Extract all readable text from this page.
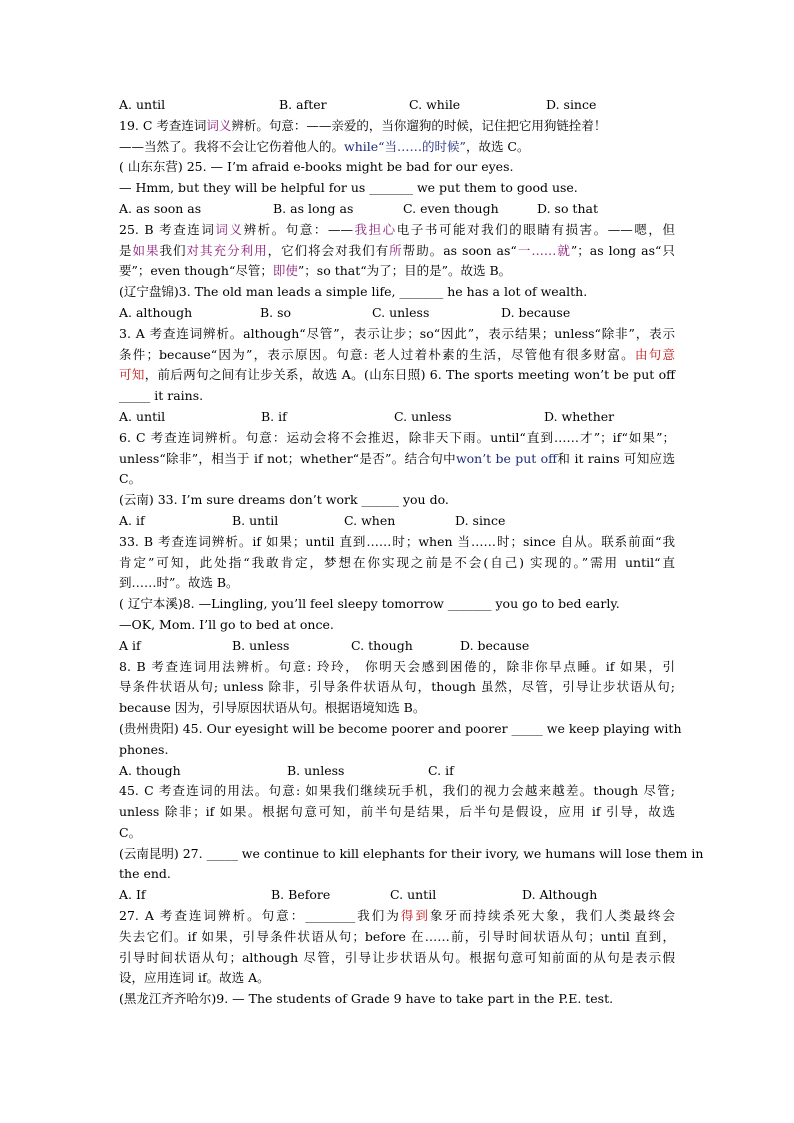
A. until	B. after	C. while	D. since
19. C 考查连词词义辨析。句意：——亲爱的，当你遛狗的时候，记住把它用狗链拴着！
——当然了。我将不会让它伤着他人的。while“当……的时候”，故选 C。
( 山东东营) 25. — I’m afraid e-books might be bad for our eyes.
— Hmm, but they will be helpful for us _______ we put them to good use.
A. as soon as	B. as long as	C. even though	D. so that
25. B 考查连词词义辨析。句意：——我担心电子书可能对我们的眼睛有损害。——嗯，但
是如果我们对其充分利用，它们将会对我们有所帮助。as soon as“一……就”；as long as“只
要”；even though“尽管；即使”；so that“为了；目的是”。故选 B。
(辽宁盘锦)3. The old man leads a simple life, _______ he has a lot of wealth.
A. although	B. so	C. unless	D. because
3. A 考查连词辨析。although“尽管”，表示让步；so“因此”，表示结果；unless“除非”，表示
条件；because“因为”，表示原因。句意: 老人过着朴素的生活，尽管他有很多财富。由句意
可知，前后两句之间有让步关系，故选 A。(山东日照) 6. The sports meeting won’t be put off
_____ it rains.
A. until	B. if	C. unless	D. whether
6. C 考查连词辨析。句意：运动会将不会推迟，除非天下雨。until“直到……才”；if“如果”；
unless“除非”，相当于 if not；whether“是否”。结合句中won’t be put off和 it rains 可知应选
C。
(云南) 33. I’m sure dreams don’t work ______ you do.
A. if	B. until	C. when	D. since
33. B 考查连词辨析。if 如果；until 直到……时；when 当……时；since 自从。联系前面“我
肯定”可知，此处指“我敢肯定，梦想在你实现之前是不会(自己) 实现的。”需用 until“直
到……时”。故选 B。
( 辽宁本溪)8. —Lingling, you’ll feel sleepy tomorrow _______ you go to bed early.
—OK, Mom. I’ll go to bed at once.
A if	B. unless	C. though	D. because
8. B 考查连词用法辨析。句意: 玲玲， 你明天会感到困倦的，除非你早点睡。if 如果，引
导条件状语从句; unless 除非，引导条件状语从句，though 虽然，尽管，引导让步状语从句;
because 因为，引导原因状语从句。根据语境知选 B。
(贵州贵阳) 45. Our eyesight will be become poorer and poorer _____ we keep playing with
phones.
A. though	B. unless	C. if
45. C 考查连词的用法。句意: 如果我们继续玩手机，我们的视力会越来越差。though 尽管;
unless 除非；if 如果。根据句意可知，前半句是结果，后半句是假设，应用 if 引导，故选
C。
(云南昆明) 27. _____ we continue to kill elephants for their ivory, we humans will lose them in
the end.
A. If	B. Before	C. until	D. Although
27. A 考查连词辨析。句意：________我们为得到象牙而持续杀死大象，我们人类最终会
失去它们。if 如果，引导条件状语从句；before 在……前，引导时间状语从句；until 直到，
引导时间状语从句；although 尽管，引导让步状语从句。根据句意可知前面的从句是表示假
设，应用连词 if。故选 A。
(黑龙江齐齐哈尔)9. — The students of Grade 9 have to take part in the P.E. test.
